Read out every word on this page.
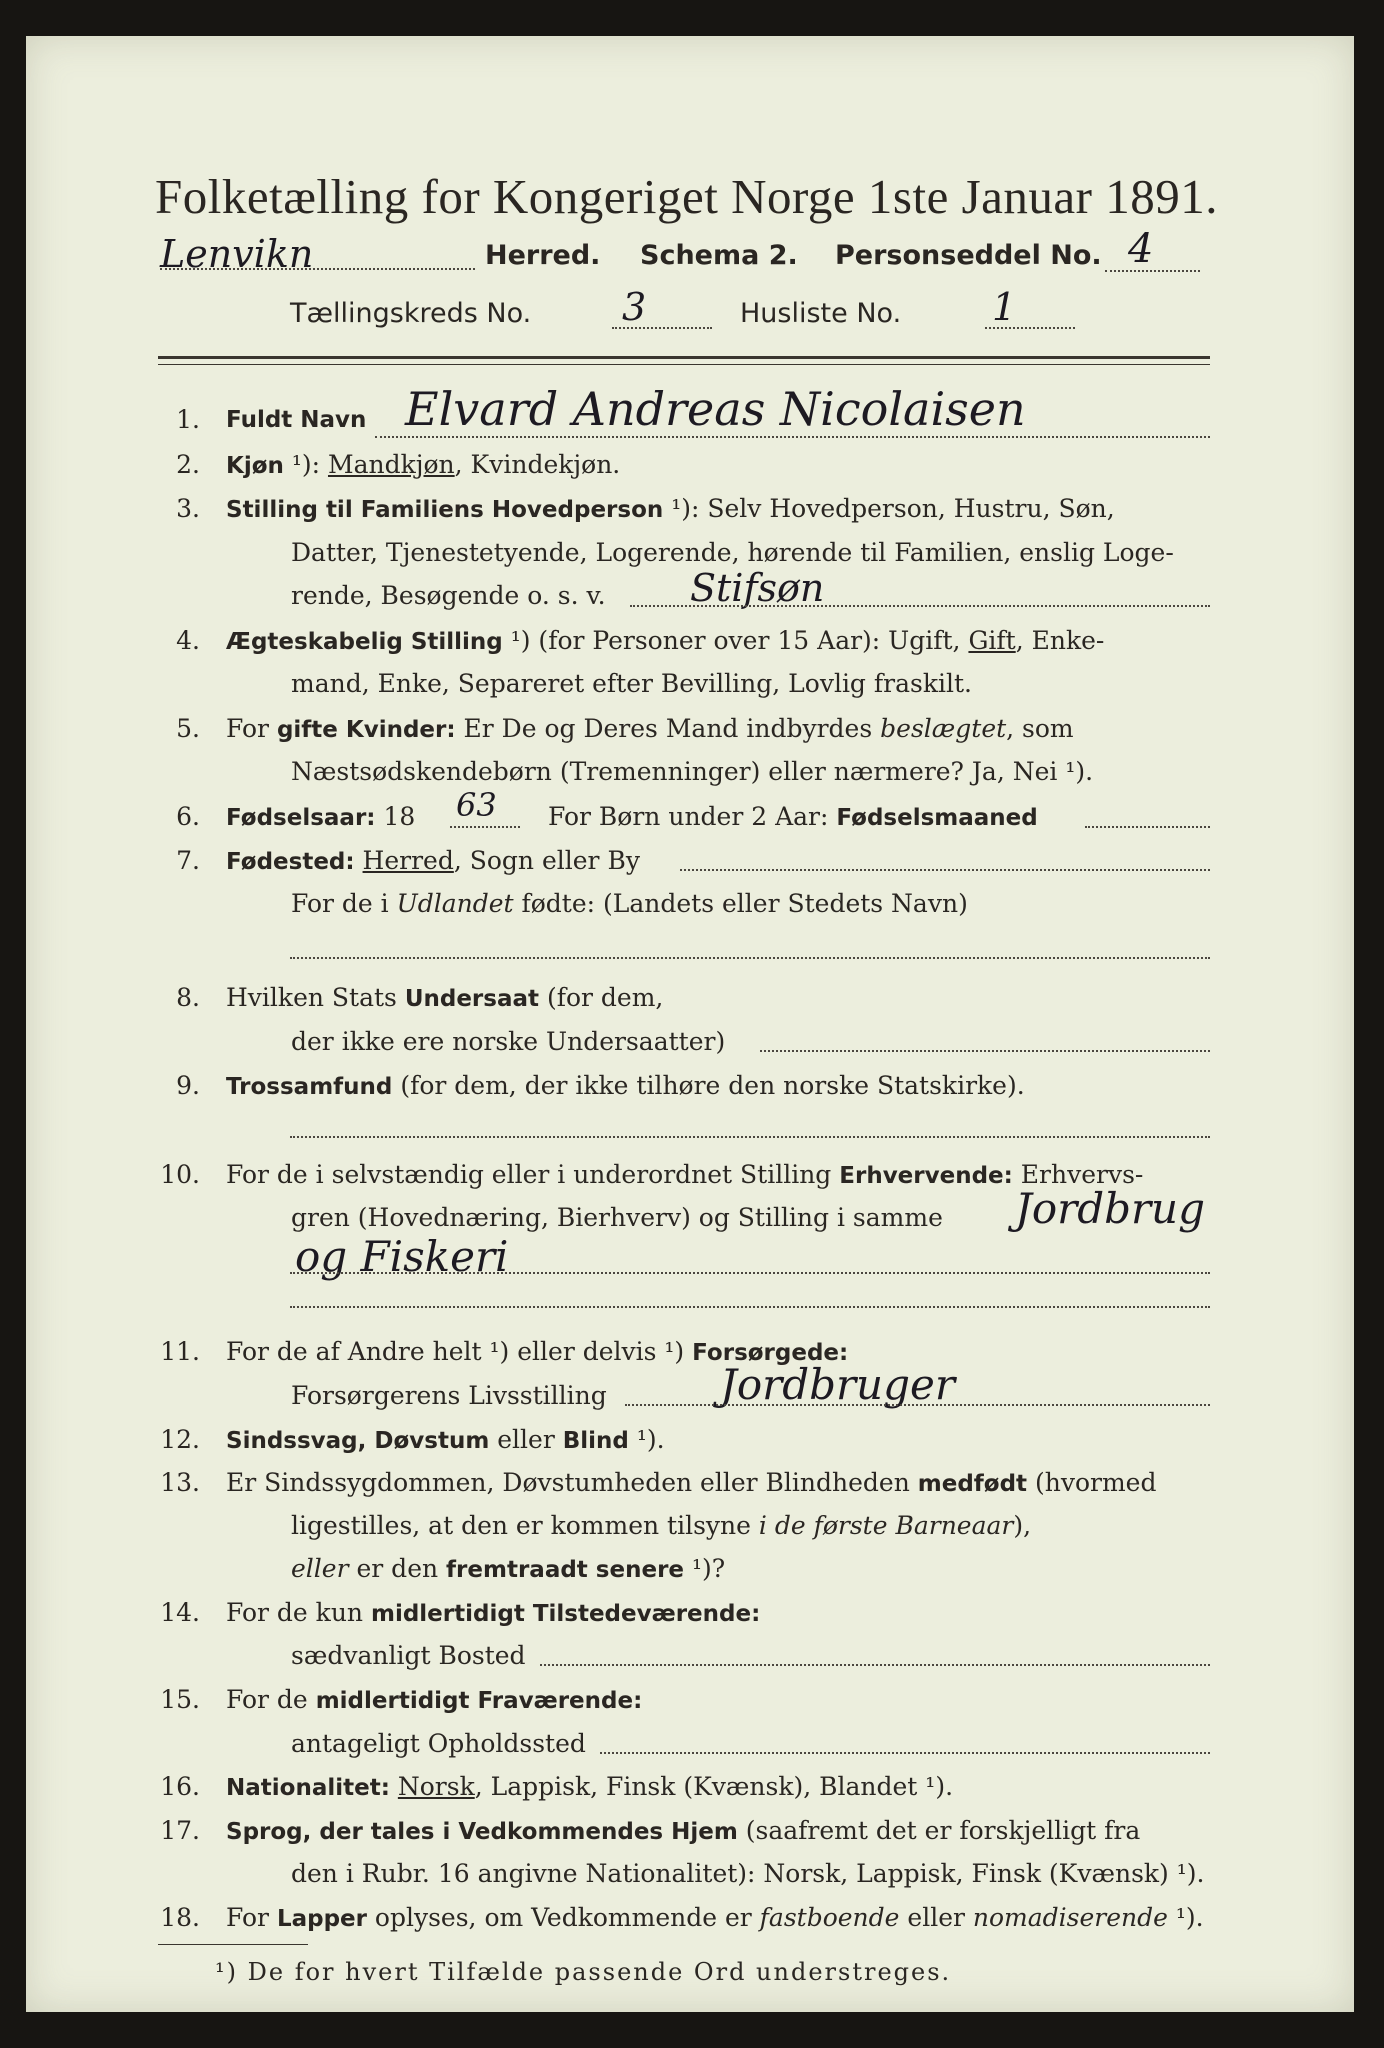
Folketælling for Kongeriget Norge 1ste Januar 1891.
Lenvikn	Herred. Schema 2. Personseddel No. 4
Tællingskreds No. 3	Husliste No. 1
1. Fuldt Navn Elvard Andreas Nicolaisen
2. Kjøn ¹): Mandkjøn, Kvindekjøn.
3. Stilling til Familiens Hovedperson ¹): Selv Hovedperson, Hustru, Søn,
Datter, Tjenestetyende, Logerende, hørende til Familien, enslig Loge-
rende, Besøgende o. s. v. Stifsøn
4. Ægteskabelig Stilling ¹) (for Personer over 15 Aar): Ugift, Gift, Enke-
mand, Enke, Separeret efter Bevilling, Lovlig fraskilt.
5. For gifte Kvinder: Er De og Deres Mand indbyrdes beslægtet, som
Næstsødskendebørn (Tremenninger) eller nærmere? Ja, Nei ¹).
6. Fødselsaar: 18	For Børn under 2 Aar: Fødselsmaaned
63
7. Fødested: Herred, Sogn eller By
For de i Udlandet fødte: (Landets eller Stedets Navn)
8. Hvilken Stats Undersaat (for dem,
der ikke ere norske Undersaatter)
9. Trossamfund (for dem, der ikke tilhøre den norske Statskirke).
10. For de i selvstændig eller i underordnet Stilling Erhvervende: Erhvervs-
gren (Hovednæring, Bierhverv) og Stilling i samme Jordbrug
og Fiskeri
11. For de af Andre helt ¹) eller delvis ¹) Forsørgede:
Forsørgerens Livsstilling	Jordbruger
12. Sindssvag, Døvstum eller Blind ¹).
13. Er Sindssygdommen, Døvstumheden eller Blindheden medfødt (hvormed
ligestilles, at den er kommen tilsyne i de første Barneaar),
eller er den fremtraadt senere ¹)?
14. For de kun midlertidigt Tilstedeværende:
sædvanligt Bosted
15. For de midlertidigt Fraværende:
antageligt Opholdssted
16. Nationalitet: Norsk, Lappisk, Finsk (Kvænsk), Blandet ¹).
17. Sprog, der tales i Vedkommendes Hjem (saafremt det er forskjelligt fra
den i Rubr. 16 angivne Nationalitet): Norsk, Lappisk, Finsk (Kvænsk) ¹).
18. For Lapper oplyses, om Vedkommende er fastboende eller nomadiserende ¹).
¹) De for hvert Tilfælde passende Ord understreges.
